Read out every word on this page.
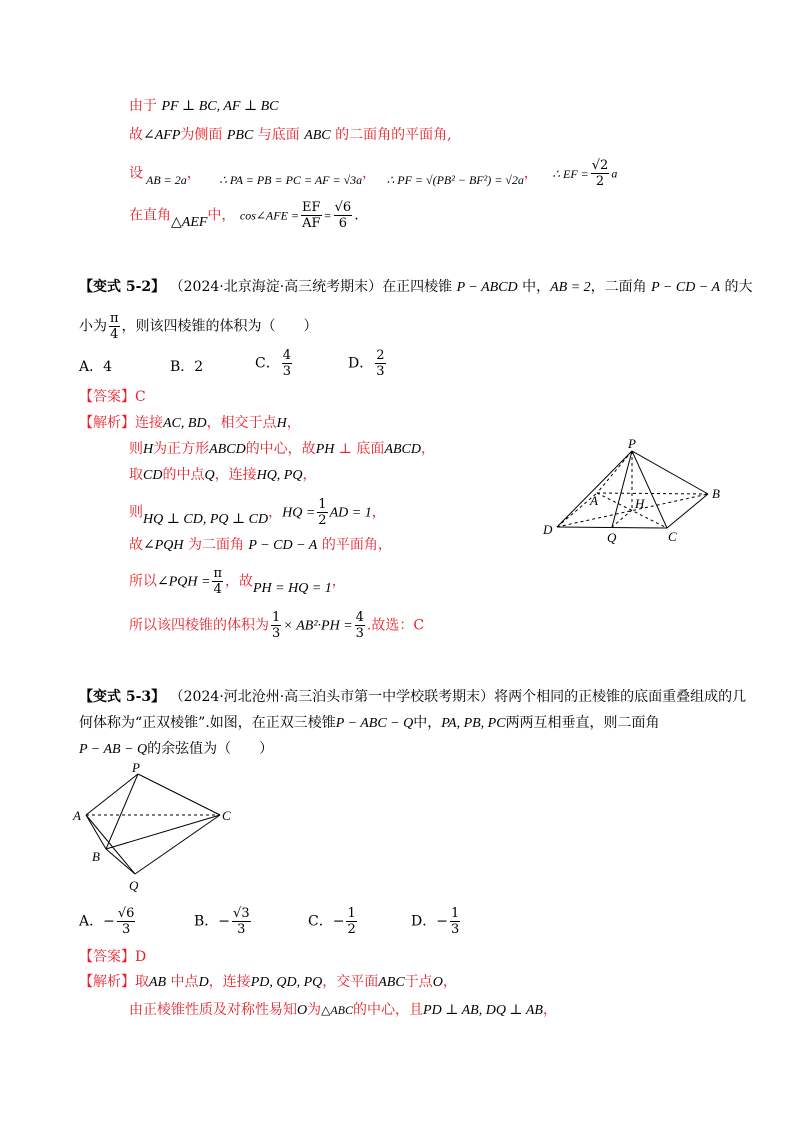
由于 PF ⊥ BC, AF ⊥ BC
故∠AFP为侧面 PBC 与底面 ABC 的二面角的平面角,
设 AB = 2a， ∴ PA = PB = PC = AF = √3a， ∴ PF = √(PB² − BF²) = √2a， ∴ EF = $\frac{√2}{2}$ a
在直角△AEF中， cos∠AFE = $\frac{EF}{AF} = \frac{√6}{6}$ .
【变式 5-2】 （2024·北京海淀·高三统考期末）在正四棱锥 P − ABCD 中，AB = 2，二面角 P − CD − A 的大
小为 $\frac{\pi}{4}$ ，则该四棱锥的体积为（　　）
A．4	B．2	C． $\frac{4}{3}$	D． $\frac{2}{3}$
【答案】C
【解析】连接AC, BD，相交于点H，
则H为正方形ABCD的中心，故PH ⊥ 底面ABCD，
取CD的中点Q，连接HQ, PQ，
则HQ ⊥ CD, PQ ⊥ CD，HQ = $\frac{1}{2}$ AD = 1，
故∠PQH 为二面角 P − CD − A 的平面角，
所以∠PQH = $\frac{\pi}{4}$ ，故PH = HQ = 1，
所以该四棱锥的体积为 $\frac{1}{3} \times AB^2\cdot PH = \frac{4}{3}$ .故选：C
P
A	H
B
D
Q	C
【变式 5-3】 （2024·河北沧州·高三泊头市第一中学校联考期末）将两个相同的正棱锥的底面重叠组成的几
何体称为“正双棱锥”.如图，在正双三棱锥P − ABC − Q中，PA, PB, PC两两互相垂直，则二面角
P − AB − Q的余弦值为（　　）
P
A	C
B
Q
A．− $\frac{√6}{3}$	B．− $\frac{√3}{3}$	C．− $\frac{1}{2}$	D．− $\frac{1}{3}$
【答案】D
【解析】取AB 中点D，连接PD, QD, PQ，交平面ABC于点O，
由正棱锥性质及对称性易知O为△ABC的中心，且PD ⊥ AB, DQ ⊥ AB，
